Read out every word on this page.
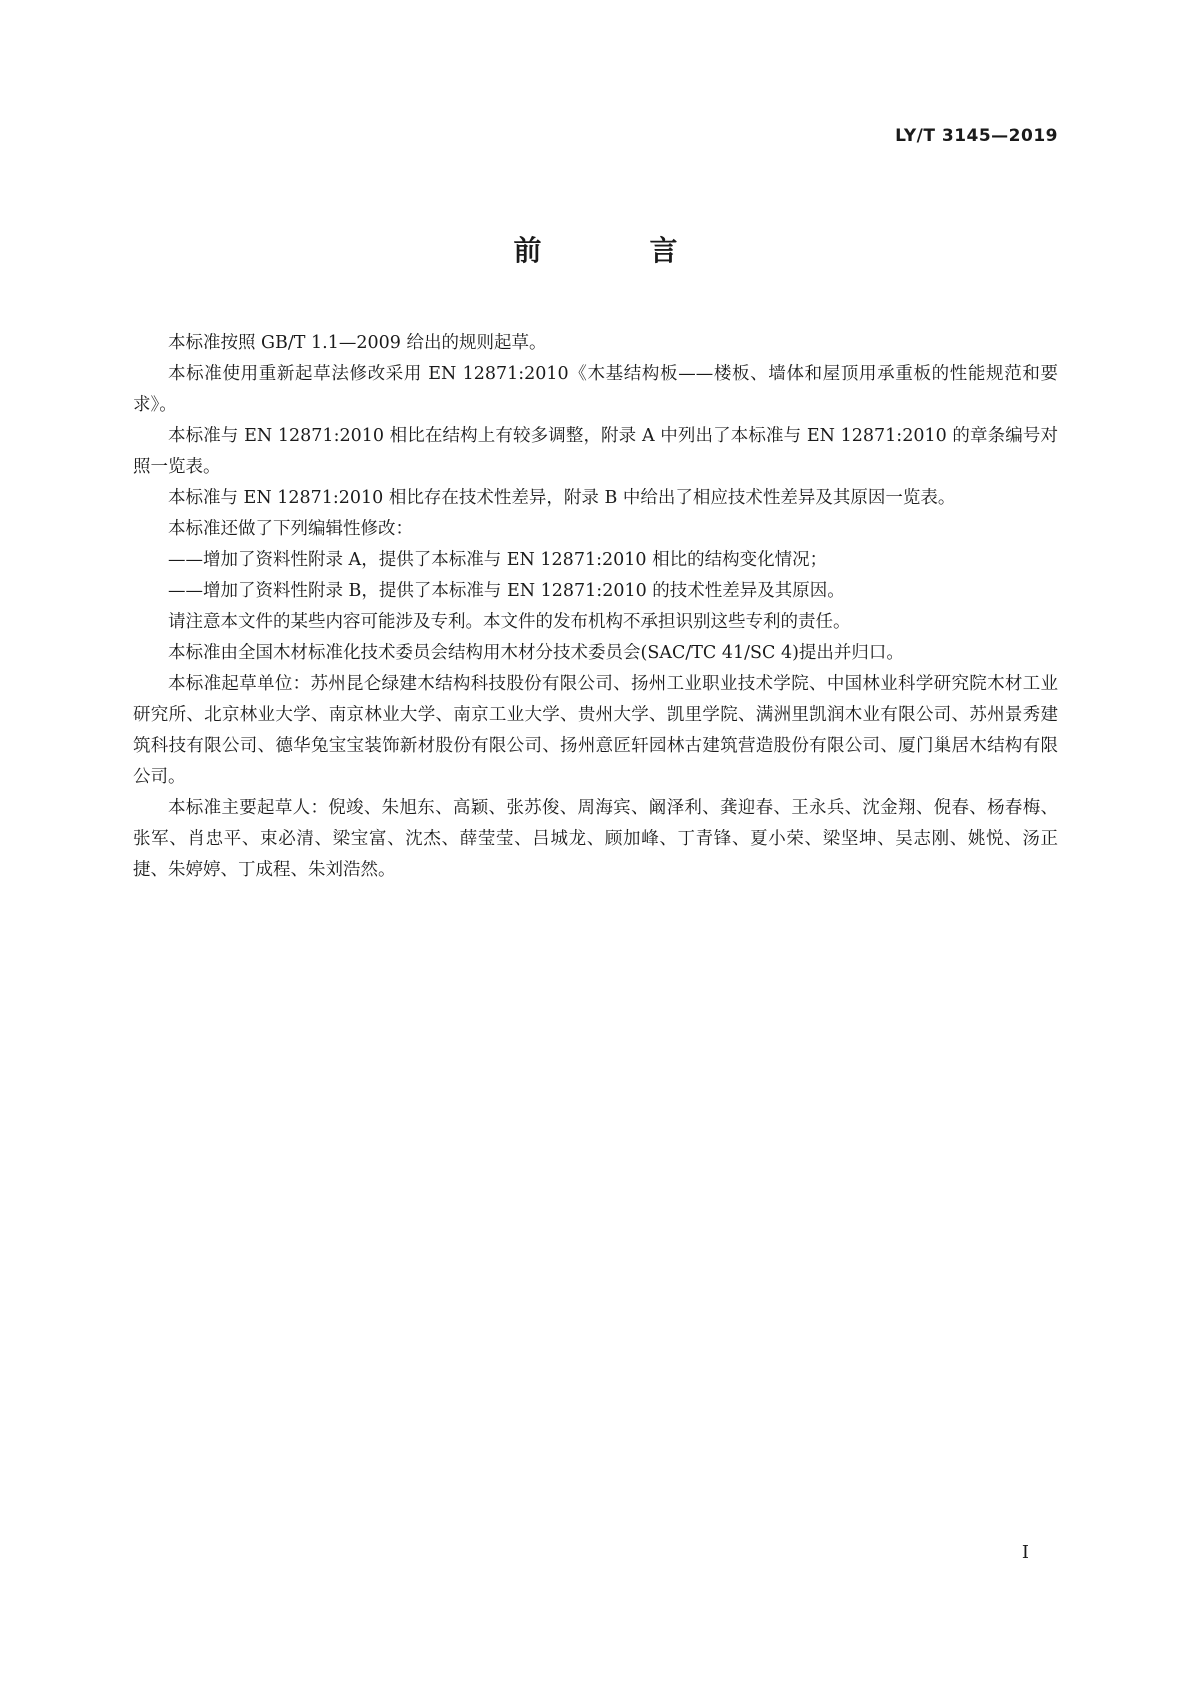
LY/T 3145—2019
前　言

本标准按照 GB/T 1.1—2009 给出的规则起草。

本标准使用重新起草法修改采用 EN 12871:2010《木基结构板——楼板、墙体和屋顶用承重板的性能规范和要求》。

本标准与 EN 12871:2010 相比在结构上有较多调整，附录 A 中列出了本标准与 EN 12871:2010 的章条编号对照一览表。

本标准与 EN 12871:2010 相比存在技术性差异，附录 B 中给出了相应技术性差异及其原因一览表。

本标准还做了下列编辑性修改：

——增加了资料性附录 A，提供了本标准与 EN 12871:2010 相比的结构变化情况；

——增加了资料性附录 B，提供了本标准与 EN 12871:2010 的技术性差异及其原因。

请注意本文件的某些内容可能涉及专利。本文件的发布机构不承担识别这些专利的责任。

本标准由全国木材标准化技术委员会结构用木材分技术委员会(SAC/TC 41/SC 4)提出并归口。

本标准起草单位：苏州昆仑绿建木结构科技股份有限公司、扬州工业职业技术学院、中国林业科学研究院木材工业研究所、北京林业大学、南京林业大学、南京工业大学、贵州大学、凯里学院、满洲里凯润木业有限公司、苏州景秀建筑科技有限公司、德华兔宝宝装饰新材股份有限公司、扬州意匠轩园林古建筑营造股份有限公司、厦门巢居木结构有限公司。

本标准主要起草人：倪竣、朱旭东、高颖、张苏俊、周海宾、阚泽利、龚迎春、王永兵、沈金翔、倪春、杨春梅、张军、肖忠平、束必清、梁宝富、沈杰、薛莹莹、吕城龙、顾加峰、丁青锋、夏小荣、梁坚坤、吴志刚、姚悦、汤正捷、朱婷婷、丁成程、朱刘浩然。

I
